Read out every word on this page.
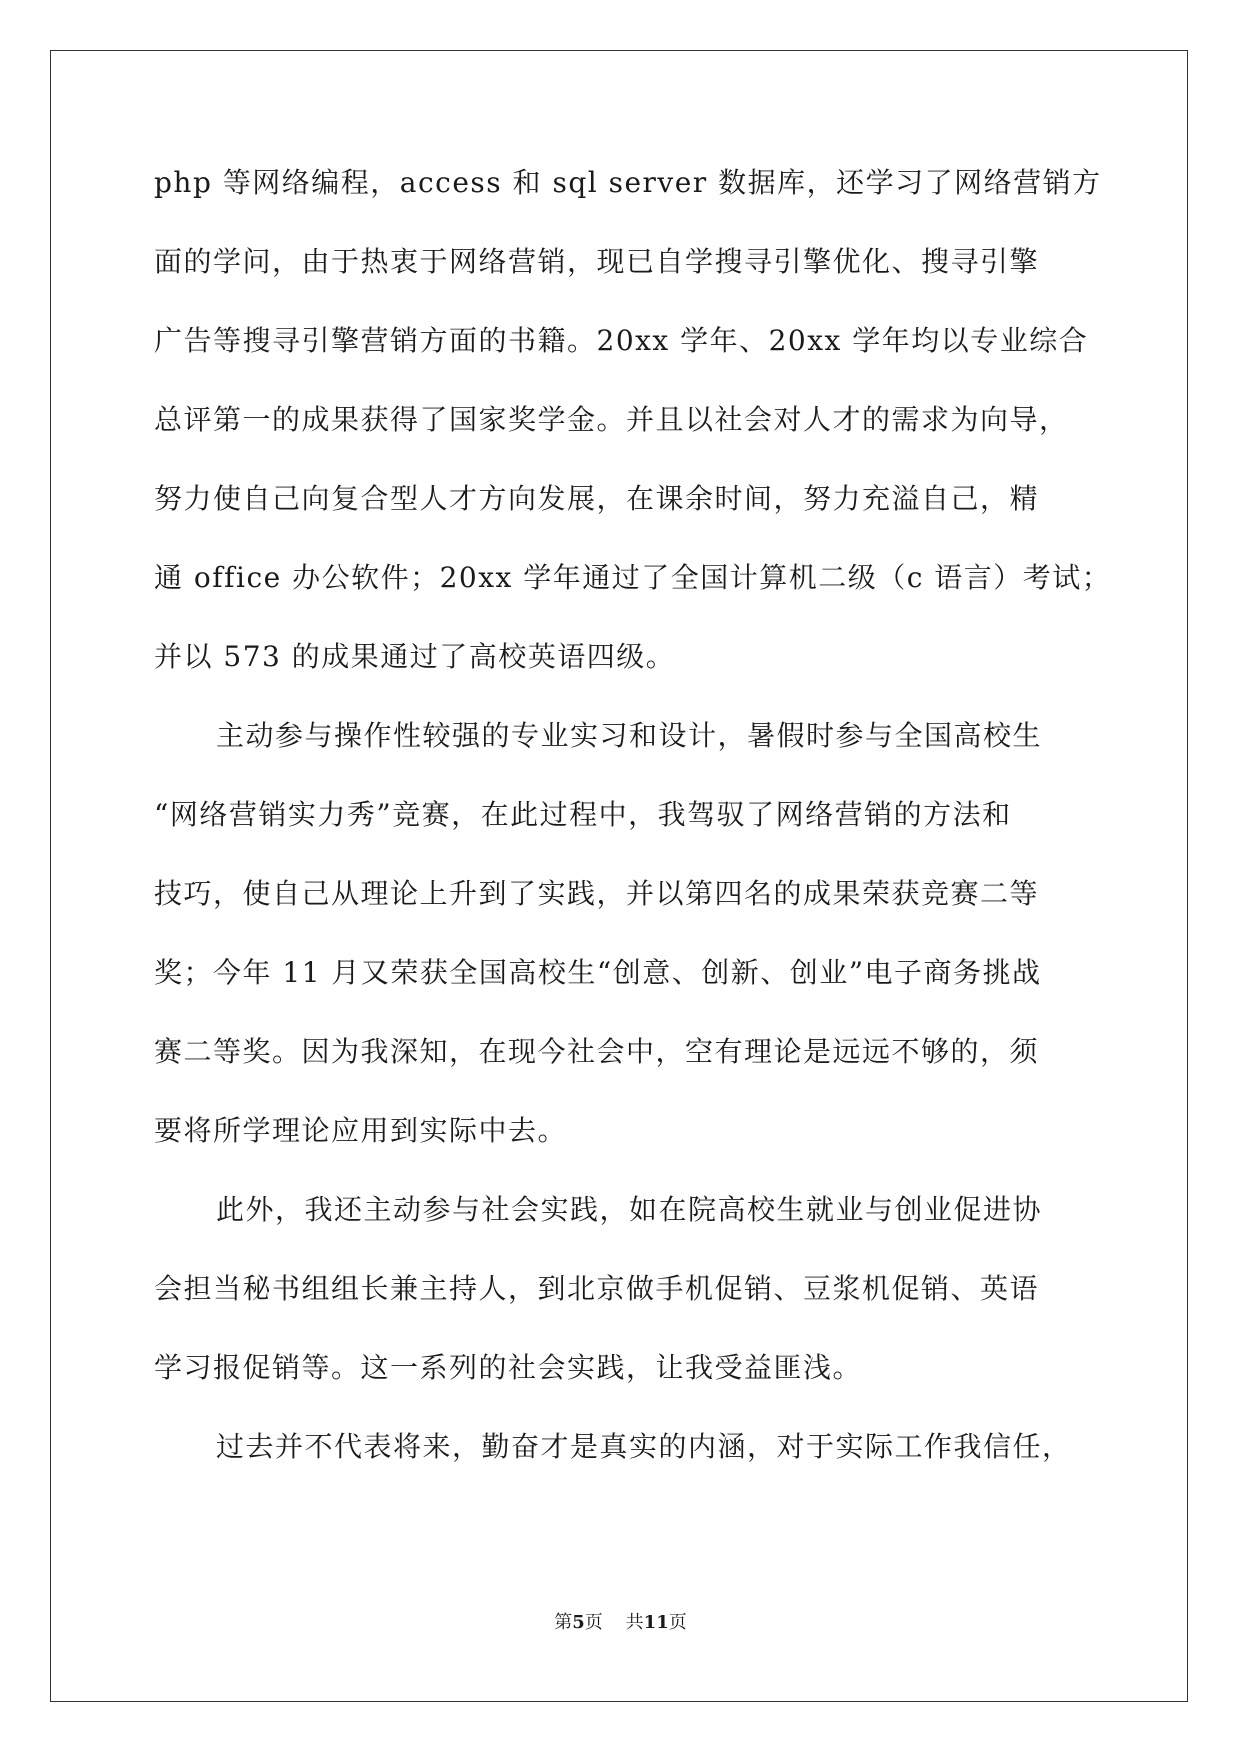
php 等网络编程，access 和 sql server 数据库，还学习了网络营销方
面的学问，由于热衷于网络营销，现已自学搜寻引擎优化、搜寻引擎
广告等搜寻引擎营销方面的书籍。20xx 学年、20xx 学年均以专业综合
总评第一的成果获得了国家奖学金。并且以社会对人才的需求为向导，
努力使自己向复合型人才方向发展，在课余时间，努力充溢自己，精
通 office 办公软件；20xx 学年通过了全国计算机二级（c 语言）考试；
并以 573 的成果通过了高校英语四级。
主动参与操作性较强的专业实习和设计，暑假时参与全国高校生
“网络营销实力秀”竞赛，在此过程中，我驾驭了网络营销的方法和
技巧，使自己从理论上升到了实践，并以第四名的成果荣获竞赛二等
奖；今年 11 月又荣获全国高校生“创意、创新、创业”电子商务挑战
赛二等奖。因为我深知，在现今社会中，空有理论是远远不够的，须
要将所学理论应用到实际中去。
此外，我还主动参与社会实践，如在院高校生就业与创业促进协
会担当秘书组组长兼主持人，到北京做手机促销、豆浆机促销、英语
学习报促销等。这一系列的社会实践，让我受益匪浅。
过去并不代表将来，勤奋才是真实的内涵，对于实际工作我信任，
第5页 共11页
